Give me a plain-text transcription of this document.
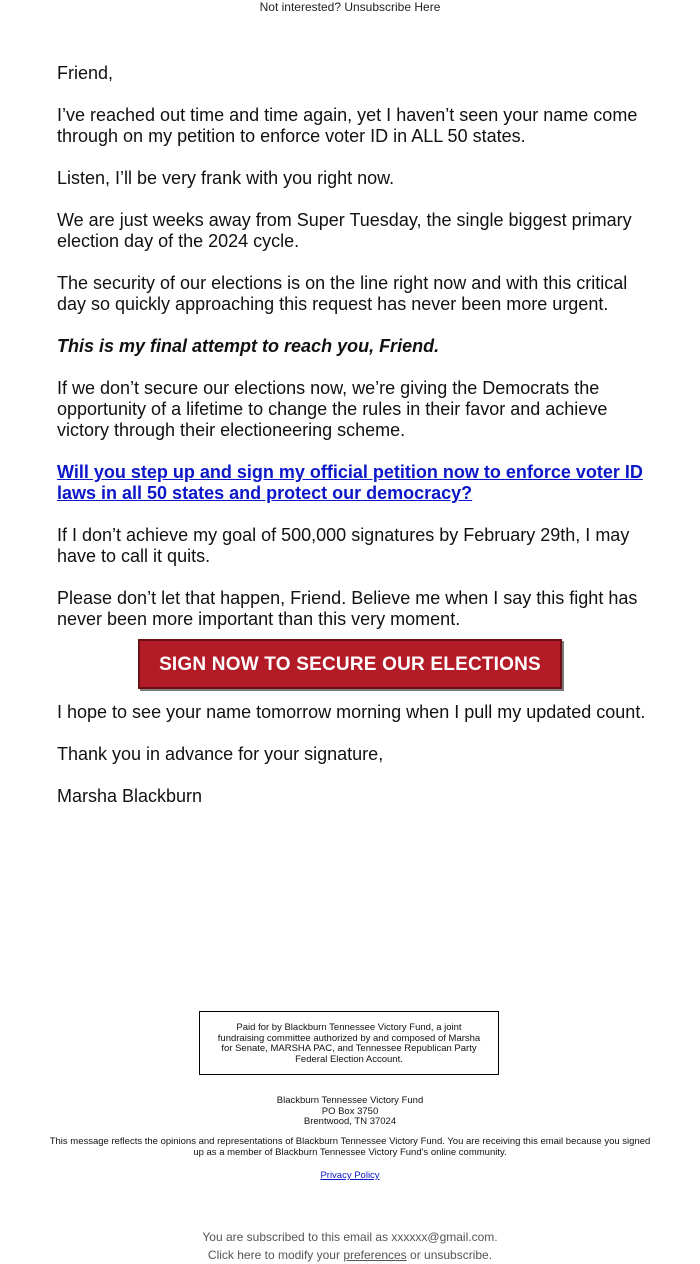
Not interested? Unsubscribe Here

Friend,

I’ve reached out time and time again, yet I haven’t seen your name come through on my petition to enforce voter ID in ALL 50 states.

Listen, I’ll be very frank with you right now.

We are just weeks away from Super Tuesday, the single biggest primary election day of the 2024 cycle.

The security of our elections is on the line right now and with this critical day so quickly approaching this request has never been more urgent.

This is my final attempt to reach you, Friend.

If we don’t secure our elections now, we’re giving the Democrats the opportunity of a lifetime to change the rules in their favor and achieve victory through their electioneering scheme.

Will you step up and sign my official petition now to enforce voter ID laws in all 50 states and protect our democracy?

If I don’t achieve my goal of 500,000 signatures by February 29th, I may have to call it quits.

Please don’t let that happen, Friend. Believe me when I say this fight has never been more important than this very moment.

SIGN NOW TO SECURE OUR ELECTIONS

I hope to see your name tomorrow morning when I pull my updated count.

Thank you in advance for your signature,

Marsha Blackburn

Paid for by Blackburn Tennessee Victory Fund, a joint fundraising committee authorized by and composed of Marsha for Senate, MARSHA PAC, and Tennessee Republican Party Federal Election Account.
Blackburn Tennessee Victory Fund
PO Box 3750
Brentwood, TN 37024
This message reflects the opinions and representations of Blackburn Tennessee Victory Fund. You are receiving this email because you signed up as a member of Blackburn Tennessee Victory Fund's online community.
Privacy Policy
You are subscribed to this email as xxxxxx@gmail.com.
Click here to modify your preferences or unsubscribe.
